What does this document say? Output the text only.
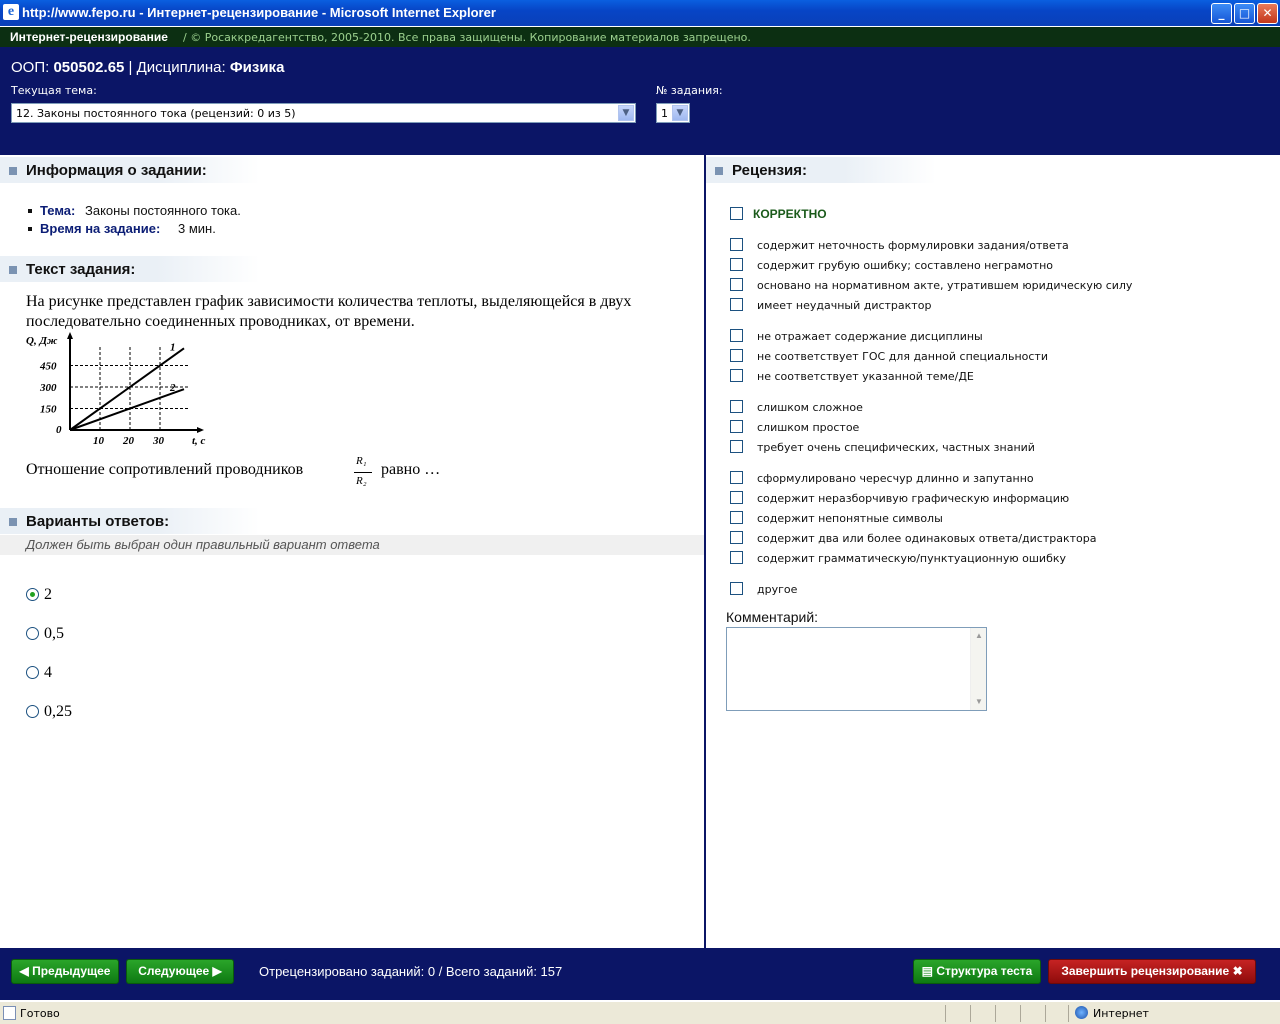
e http://www.fepo.ru - Интернет-рецензирование - Microsoft Internet Explorer	_	□	✕
Интернет-рецензирование / © Росаккредагентство, 2005-2010. Все права защищены. Копирование материалов запрещено.
ООП: 050502.65 | Дисциплина: Физика
Текущая тема:
12. Законы постоянного тока (рецензий: 0 из 5)	▼
№ задания:
1 ▼
Информация о задании:
Тема: Законы постоянного тока.
Время на задание: 3 мин.
Текст задания:
На рисунке представлен график зависимости количества теплоты, выделяющейся в двух последовательно соединенных проводниках, от времени.
1
2
10 20 30
150
300
450
0
t, c
Q, Дж
Отношение сопротивлений проводников	R₁
R₂
равно …
Варианты ответов:
Должен быть выбран один правильный вариант ответа
2
0,5
4
0,25
Рецензия:
КОРРЕКТНО
содержит неточность формулировки задания/ответа
содержит грубую ошибку; составлено неграмотно
основано на нормативном акте, утратившем юридическую силу
имеет неудачный дистрактор
не отражает содержание дисциплины
не соответствует ГОС для данной специальности
не соответствует указанной теме/ДЕ
слишком сложное
слишком простое
требует очень специфических, частных знаний
сформулировано чересчур длинно и запутанно
содержит неразборчивую графическую информацию
содержит непонятные символы
содержит два или более одинаковых ответа/дистрактора
содержит грамматическую/пунктуационную ошибку
другое
Комментарий:
▲
▼
◀ Предыдущее	Следующее ▶	Отрецензировано заданий: 0 / Всего заданий: 157	▤ Структура теста	Завершить рецензирование ✖
Готово	Интернет
